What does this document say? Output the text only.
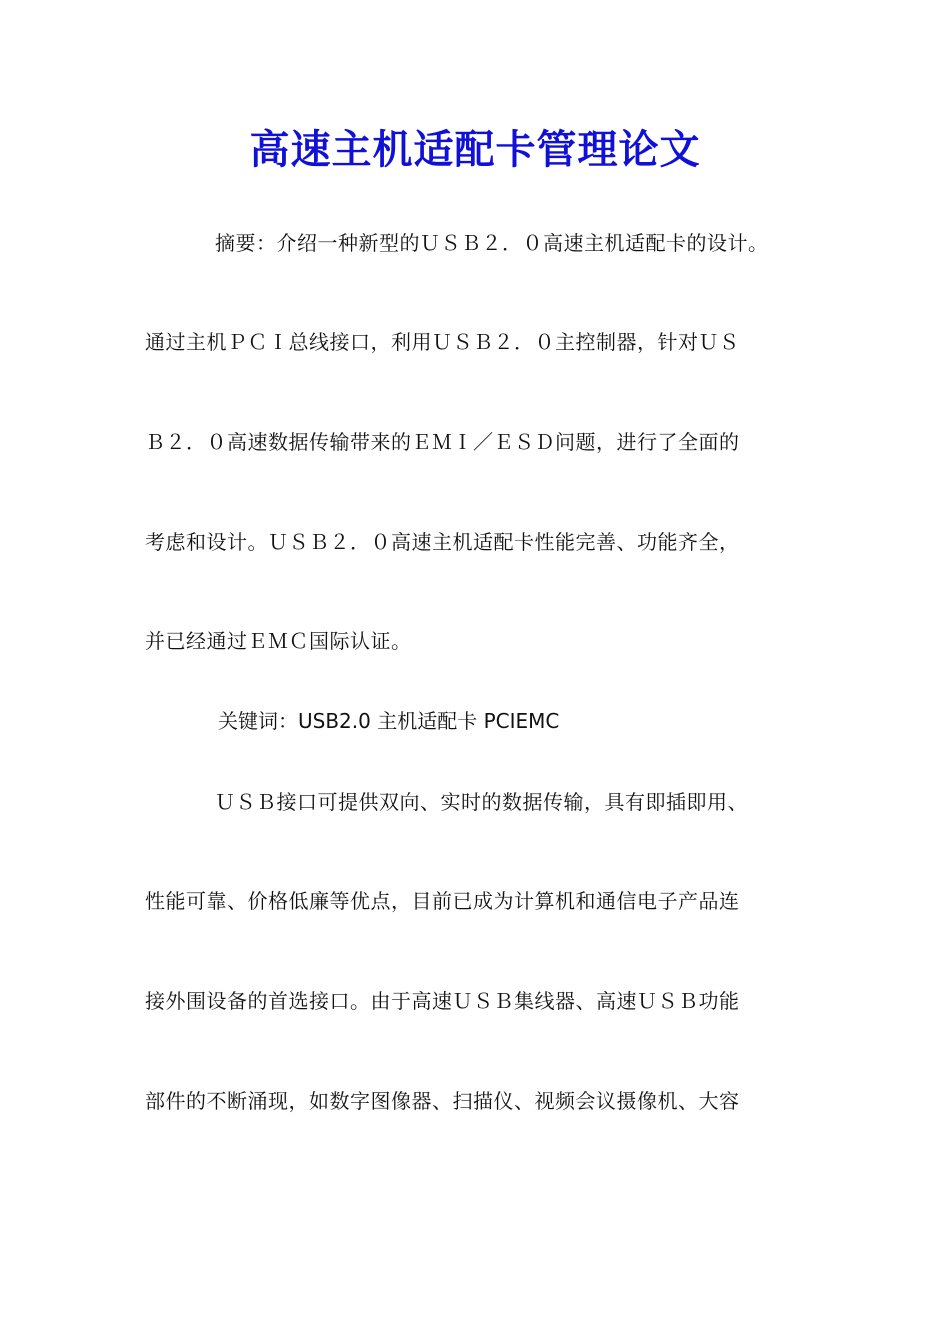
高速主机适配卡管理论文
摘要：介绍一种新型的ＵＳＢ２．０高速主机适配卡的设计。
通过主机ＰＣＩ总线接口，利用ＵＳＢ２．０主控制器，针对ＵＳ
Ｂ２．０高速数据传输带来的ＥＭＩ／ＥＳＤ问题，进行了全面的
考虑和设计。ＵＳＢ２．０高速主机适配卡性能完善、功能齐全，
并已经通过ＥＭＣ国际认证。
关键词：USB2.0 主机适配卡 PCIEMC
ＵＳＢ接口可提供双向、实时的数据传输，具有即插即用、
性能可靠、价格低廉等优点，目前已成为计算机和通信电子产品连
接外围设备的首选接口。由于高速ＵＳＢ集线器、高速ＵＳＢ功能
部件的不断涌现，如数字图像器、扫描仪、视频会议摄像机、大容
